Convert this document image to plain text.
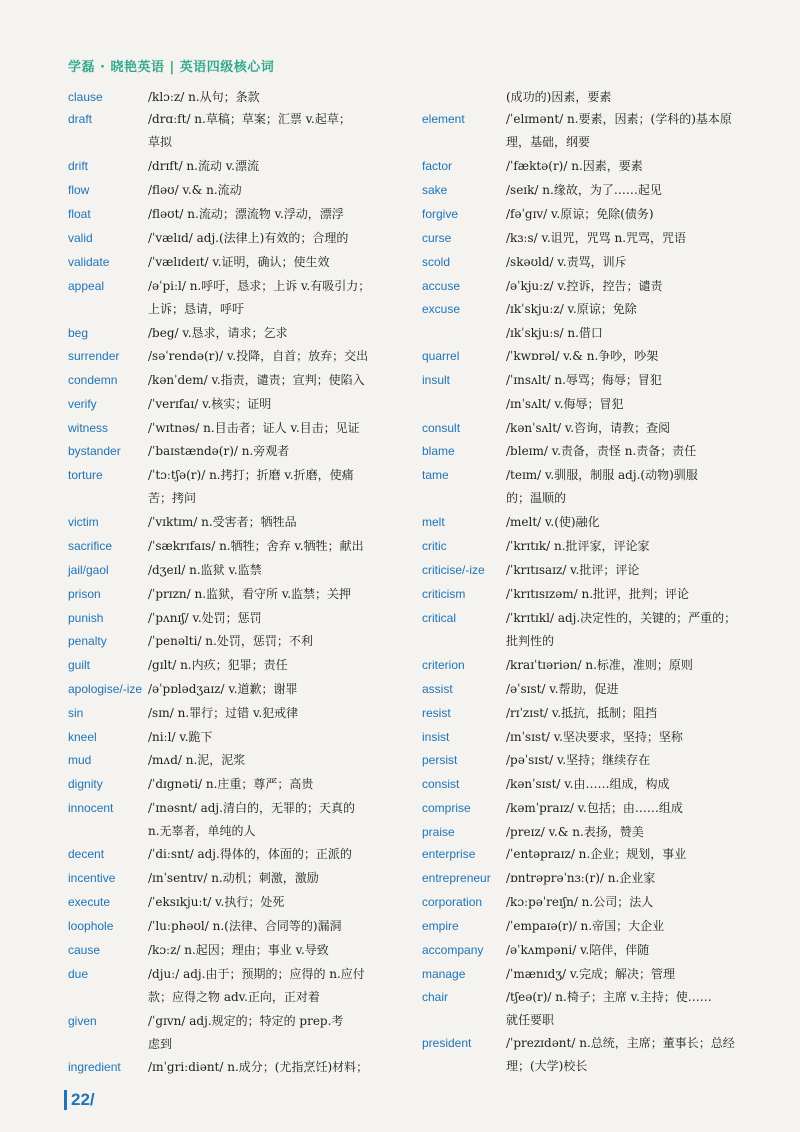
学磊 · 晓艳英语 | 英语四级核心词
clause	/klɔːz/ n.从句；条款
draft	/drɑːft/ n.草稿；草案；汇票 v.起草；
草拟
drift	/drɪft/ n.流动 v.漂流
flow	/fləʊ/ v.& n.流动
float	/fləʊt/ n.流动；漂流物 v.浮动，漂浮
valid	/ˈvælɪd/ adj.(法律上)有效的；合理的
validate	/ˈvælɪdeɪt/ v.证明，确认；使生效
appeal	/əˈpiːl/ n.呼吁，恳求；上诉 v.有吸引力；
上诉；恳请，呼吁
beg	/beg/ v.恳求，请求；乞求
surrender	/səˈrendə(r)/ v.投降，自首；放弃；交出
condemn	/kənˈdem/ v.指责，谴责；宣判；使陷入
verify	/ˈverɪfaɪ/ v.核实；证明
witness	/ˈwɪtnəs/ n.目击者；证人 v.目击；见证
bystander	/ˈbaɪstændə(r)/ n.旁观者
torture	/ˈtɔːtʃə(r)/ n.拷打；折磨 v.折磨，使痛
苦；拷问
victim	/ˈvɪktɪm/ n.受害者；牺牲品
sacrifice	/ˈsækrɪfaɪs/ n.牺牲；舍弃 v.牺牲；献出
jail/gaol	/dʒeɪl/ n.监狱 v.监禁
prison	/ˈprɪzn/ n.监狱，看守所 v.监禁；关押
punish	/ˈpʌnɪʃ/ v.处罚；惩罚
penalty	/ˈpenəlti/ n.处罚，惩罚；不利
guilt	/gɪlt/ n.内疚；犯罪；责任
apologise/-ize /əˈpɒlədʒaɪz/ v.道歉；谢罪
sin	/sɪn/ n.罪行；过错 v.犯戒律
kneel	/niːl/ v.跪下
mud	/mʌd/ n.泥，泥浆
dignity	/ˈdɪgnəti/ n.庄重；尊严；高贵
innocent	/ˈɪnəsnt/ adj.清白的，无罪的；天真的
n.无辜者，单纯的人
decent	/ˈdiːsnt/ adj.得体的，体面的；正派的
incentive	/ɪnˈsentɪv/ n.动机；刺激，激励
execute	/ˈeksɪkjuːt/ v.执行；处死
loophole	/ˈluːphəʊl/ n.(法律、合同等的)漏洞
cause	/kɔːz/ n.起因；理由；事业 v.导致
due	/djuː/ adj.由于；预期的；应得的 n.应付
款；应得之物 adv.正向，正对着
given	/ˈgɪvn/ adj.规定的；特定的 prep.考
虑到
ingredient	/ɪnˈgriːdiənt/ n.成分；(尤指烹饪)材料；
(成功的)因素，要素
element	/ˈelɪmənt/ n.要素，因素；(学科的)基本原
理，基础，纲要
factor	/ˈfæktə(r)/ n.因素，要素
sake	/seɪk/ n.缘故，为了……起见
forgive	/fəˈgɪv/ v.原谅；免除(债务)
curse	/kɜːs/ v.诅咒，咒骂 n.咒骂，咒语
scold	/skəʊld/ v.责骂，训斥
accuse	/əˈkjuːz/ v.控诉，控告；谴责
excuse	/ɪkˈskjuːz/ v.原谅；免除
/ɪkˈskjuːs/ n.借口
quarrel	/ˈkwɒrəl/ v.& n.争吵，吵架
insult	/ˈɪnsʌlt/ n.辱骂；侮辱；冒犯
/ɪnˈsʌlt/ v.侮辱；冒犯
consult	/kənˈsʌlt/ v.咨询，请教；查阅
blame	/bleɪm/ v.责备，责怪 n.责备；责任
tame	/teɪm/ v.驯服，制服 adj.(动物)驯服
的；温顺的
melt	/melt/ v.(使)融化
critic	/ˈkrɪtɪk/ n.批评家，评论家
criticise/-ize	/ˈkrɪtɪsaɪz/ v.批评；评论
criticism	/ˈkrɪtɪsɪzəm/ n.批评，批判；评论
critical	/ˈkrɪtɪkl/ adj.决定性的，关键的；严重的；
批判性的
criterion	/kraɪˈtɪəriən/ n.标准，准则；原则
assist	/əˈsɪst/ v.帮助，促进
resist	/rɪˈzɪst/ v.抵抗，抵制；阻挡
insist	/ɪnˈsɪst/ v.坚决要求，坚持；坚称
persist	/pəˈsɪst/ v.坚持；继续存在
consist	/kənˈsɪst/ v.由……组成，构成
comprise	/kəmˈpraɪz/ v.包括；由……组成
praise	/preɪz/ v.& n.表扬，赞美
enterprise	/ˈentəpraɪz/ n.企业；规划，事业
entrepreneur	/ɒntrəprəˈnɜː(r)/ n.企业家
corporation	/kɔːpəˈreɪʃn/ n.公司；法人
empire	/ˈempaɪə(r)/ n.帝国；大企业
accompany	/əˈkʌmpəni/ v.陪伴，伴随
manage	/ˈmænɪdʒ/ v.完成；解决；管理
chair	/tʃeə(r)/ n.椅子；主席 v.主持；使……
就任要职
president	/ˈprezɪdənt/ n.总统，主席；董事长；总经
理；(大学)校长
22/
